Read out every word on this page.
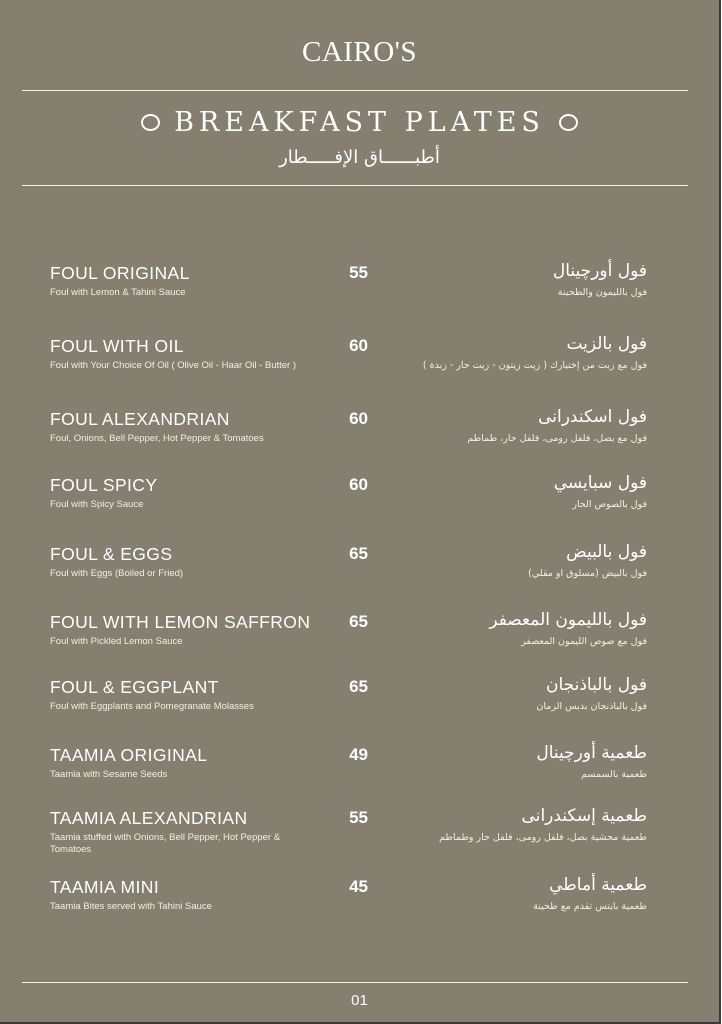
CAIRO'S
BREAKFAST PLATES
أطبــــــاق الإفـــــطار
FOUL ORIGINAL
Foul with Lemon & Tahini Sauce
55	فول أورچينال
فول بالليمون والطحينة
FOUL WITH OIL
Foul with Your Choice Of Oil ( Olive Oil - Haar Oil - Butter )
60	فول بالزيت
فول مع زيت من إختيارك ( زيت زيتون - زيت حار - زبدة )
FOUL ALEXANDRIAN
Foul, Onions, Bell Pepper, Hot Pepper & Tomatoes
60	فول اسكندرانى
فول مع بصل، فلفل رومى، فلفل حار، طماطم
FOUL SPICY
Foul with Spicy Sauce
60	فول سبايسي
فول بالصوص الحار
FOUL & EGGS
Foul with Eggs (Boiled or Fried)
65	فول بالبيض
فول بالبيض (مسلوق او مقلي)
FOUL WITH LEMON SAFFRON
Foul with Pickled Lemon Sauce
65	فول بالليمون المعصفر
فول مع صوص الليمون المعصفر
FOUL & EGGPLANT
Foul with Eggplants and Pomegranate Molasses
65	فول بالباذنجان
فول بالباذنجان بدبس الرمان
TAAMIA ORIGINAL
Taamia with Sesame Seeds
49	طعمية أورچينال
طعمية بالسمسم
TAAMIA ALEXANDRIAN
Taamia stuffed with Onions, Bell Pepper, Hot Pepper & Tomatoes
55	طعمية إسكندرانى
طعمية محشية بصل، فلفل رومى، فلفل حار وطماطم
TAAMIA MINI
Taamia Bites served with Tahini Sauce
45	طعمية أماطي
طعمية بايتس تقدم مع طحينة
01
